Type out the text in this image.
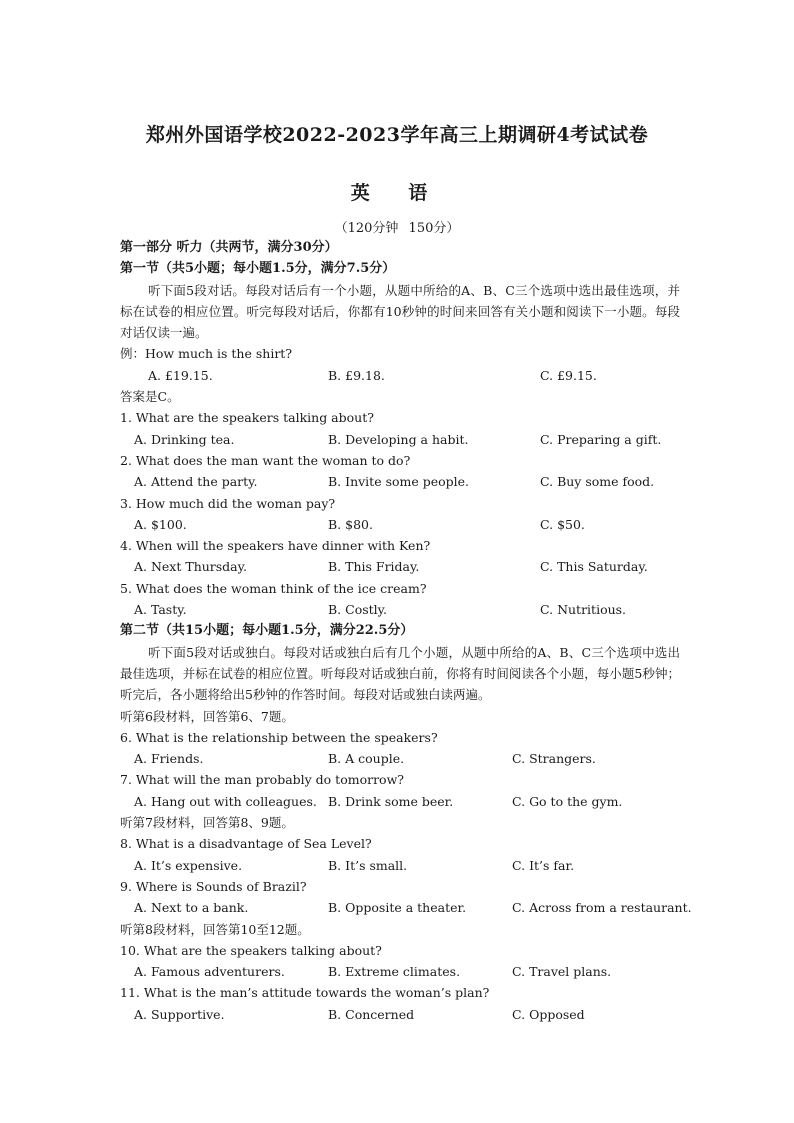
郑州外国语学校2022-2023学年高三上期调研4考试试卷
英 语
（120分钟 150分）
第一部分 听力（共两节，满分30分）
第一节（共5小题；每小题1.5分，满分7.5分）

听下面5段对话。每段对话后有一个小题，从题中所给的A、B、C三个选项中选出最佳选项，并标在试卷的相应位置。听完每段对话后，你都有10秒钟的时间来回答有关小题和阅读下一小题。每段对话仅读一遍。

例：How much is the shirt?
A. £19.15.	B. £9.18.	C. £9.15.
答案是C。
1. What are the speakers talking about?
A. Drinking tea.	B. Developing a habit.	C. Preparing a gift.
2. What does the man want the woman to do?
A. Attend the party.	B. Invite some people.	C. Buy some food.
3. How much did the woman pay?
A. $100.	B. $80.	C. $50.
4. When will the speakers have dinner with Ken?
A. Next Thursday.	B. This Friday.	C. This Saturday.
5. What does the woman think of the ice cream?
A. Tasty.	B. Costly.	C. Nutritious.
第二节（共15小题；每小题1.5分，满分22.5分）

听下面5段对话或独白。每段对话或独白后有几个小题，从题中所给的A、B、C三个选项中选出最佳选项，并标在试卷的相应位置。听每段对话或独白前，你将有时间阅读各个小题，每小题5秒钟；听完后，各小题将给出5秒钟的作答时间。每段对话或独白读两遍。

听第6段材料，回答第6、7题。
6. What is the relationship between the speakers?
A. Friends.	B. A couple.	C. Strangers.
7. What will the man probably do tomorrow?
A. Hang out with colleagues. B. Drink some beer.	C. Go to the gym.
听第7段材料，回答第8、9题。
8. What is a disadvantage of Sea Level?
A. It’s expensive.	B. It’s small.	C. It’s far.
9. Where is Sounds of Brazil?
A. Next to a bank.	B. Opposite a theater.	C. Across from a restaurant.
听第8段材料，回答第10至12题。
10. What are the speakers talking about?
A. Famous adventurers.	B. Extreme climates.	C. Travel plans.
11. What is the man’s attitude towards the woman’s plan?
A. Supportive.	B. Concerned	C. Opposed
